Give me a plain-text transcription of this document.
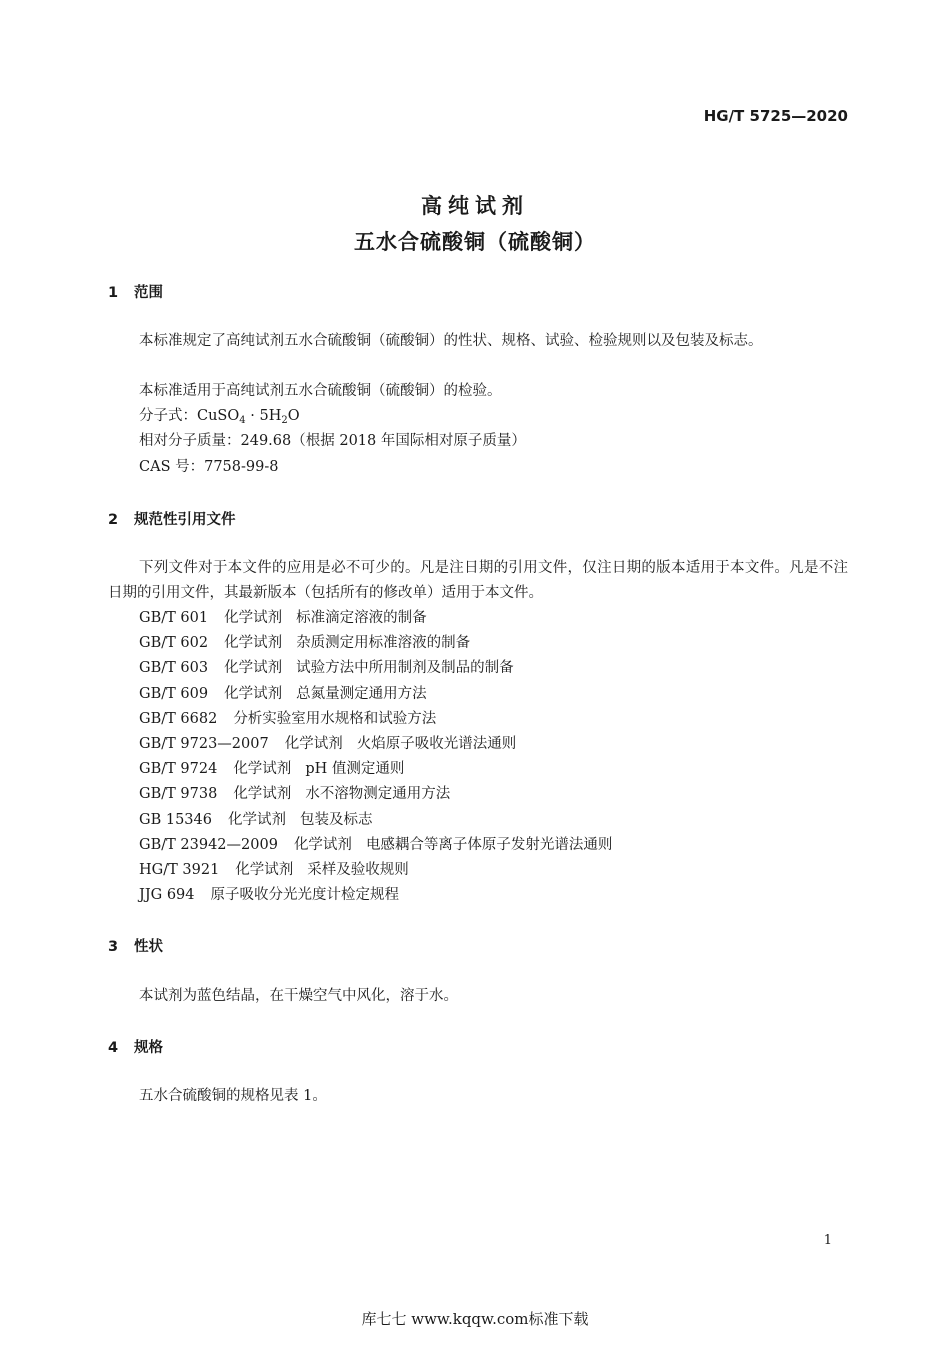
HG/T 5725—2020
高纯试剂
五水合硫酸铜（硫酸铜）
1 范围

本标准规定了高纯试剂五水合硫酸铜（硫酸铜）的性状、规格、试验、检验规则以及包装及标志。

本标准适用于高纯试剂五水合硫酸铜（硫酸铜）的检验。
分子式：CuSO$_4$ · $5H_2O$
相对分子质量：249.68（根据 2018 年国际相对原子质量）
CAS 号：7758-99-8
2 规范性引用文件

下列文件对于本文件的应用是必不可少的。凡是注日期的引用文件，仅注日期的版本适用于本文件。凡是不注日期的引用文件，其最新版本（包括所有的修改单）适用于本文件。

GB/T 601 化学试剂 标准滴定溶液的制备
GB/T 602 化学试剂 杂质测定用标准溶液的制备
GB/T 603 化学试剂 试验方法中所用制剂及制品的制备
GB/T 609 化学试剂 总氮量测定通用方法
GB/T 6682 分析实验室用水规格和试验方法
GB/T 9723—2007 化学试剂 火焰原子吸收光谱法通则
GB/T 9724 化学试剂 pH 值测定通则
GB/T 9738 化学试剂 水不溶物测定通用方法
GB 15346 化学试剂 包装及标志
GB/T 23942—2009 化学试剂 电感耦合等离子体原子发射光谱法通则
HG/T 3921 化学试剂 采样及验收规则
JJG 694 原子吸收分光光度计检定规程
3 性状
本试剂为蓝色结晶，在干燥空气中风化，溶于水。
4 规格
五水合硫酸铜的规格见表 1。
1
库七七 www.kqqw.com标准下载
